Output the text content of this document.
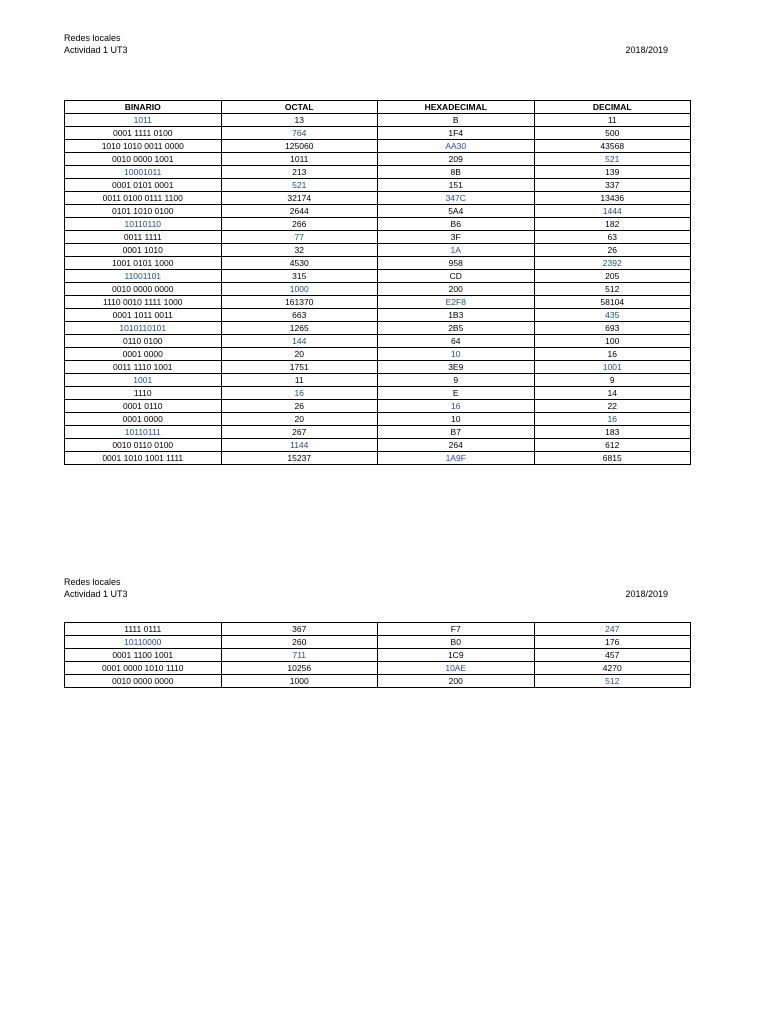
Redes locales
Actividad 1 UT3	2018/2019
BINARIO	OCTAL	HEXADECIMAL	DECIMAL
1011	13	B	11
0001 1111 0100	764	1F4	500
1010 1010 0011 0000	125060	AA30	43568
0010 0000 1001	1011	209	521
10001011	213	8B	139
0001 0101 0001	521	151	337
0011 0100 0111 1100	32174	347C	13436
0101 1010 0100	2644	5A4	1444
10110110	266	B6	182
0011 1111	77	3F	63
0001 1010	32	1A	26
1001 0101 1000	4530	958	2392
11001101	315	CD	205
0010 0000 0000	1000	200	512
1110 0010 1111 1000	161370	E2F8	58104
0001 1011 0011	663	1B3	435
1010110101	1265	2B5	693
0110 0100	144	64	100
0001 0000	20	10	16
0011 1110 1001	1751	3E9	1001
1001	11	9	9
1110	16	E	14
0001 0110	26	16	22
0001 0000	20	10	16
10110111	267	B7	183
0010 0110 0100	1144	264	612
0001 1010 1001 1111	15237	1A9F	6815
Redes locales
Actividad 1 UT3	2018/2019
1111 0111	367	F7	247
10110000	260	B0	176
0001 1100 1001	711	1C9	457
0001 0000 1010 1110	10256	10AE	4270
0010 0000 0000	1000	200	512
